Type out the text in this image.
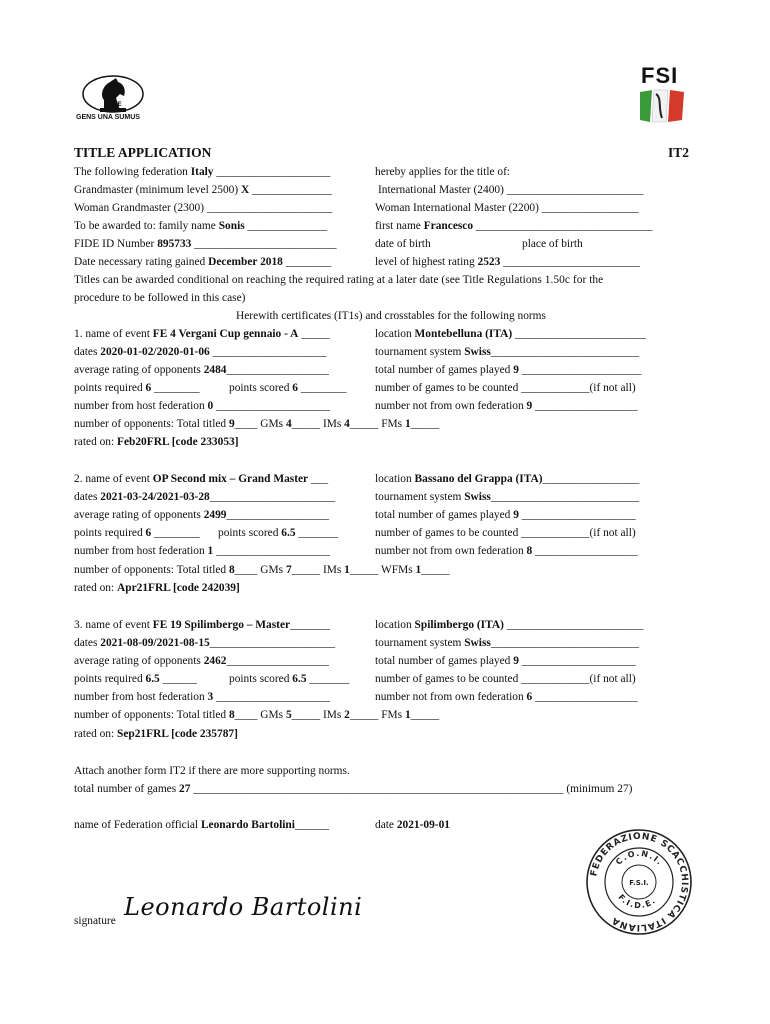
FIDE
GENS UNA SUMUS
FSI
TITLE APPLICATION	IT2
The following federation Italy ____________________	hereby applies for the title of:
Grandmaster (minimum level 2500) X ______________	International Master (2400) ________________________
Woman Grandmaster (2300) ______________________	Woman International Master (2200) _________________
To be awarded to: family name Sonis ______________	first name Francesco _______________________________
FIDE ID Number 895733 _________________________	date of birth	place of birth
Date necessary rating gained December 2018 ________	level of highest rating 2523 ________________________
Titles can be awarded conditional on reaching the required rating at a later date (see Title Regulations 1.50c for the
procedure to be followed in this case)
Herewith certificates (IT1s) and crosstables for the following norms
1. name of event FE 4 Vergani Cup gennaio - A _____	location Montebelluna (ITA) _______________________
dates 2020-01-02/2020-01-06 ____________________	tournament system Swiss__________________________
average rating of opponents 2484__________________	total number of games played 9 _____________________
points required 6 ________	points scored 6 ________	number of games to be counted ____________(if not all)
number from host federation 0 ____________________	number not from own federation 9 __________________
number of opponents: Total titled 9____ GMs 4_____ IMs 4_____ FMs 1_____
rated on: Feb20FRL [code 233053]
2. name of event OP Second mix – Grand Master ___	location Bassano del Grappa (ITA)_________________
dates 2021-03-24/2021-03-28______________________	tournament system Swiss__________________________
average rating of opponents 2499__________________	total number of games played 9 ____________________
points required 6 ________ points scored 6.5 _______	number of games to be counted ____________(if not all)
number from host federation 1 ____________________	number not from own federation 8 __________________
number of opponents: Total titled 8____ GMs 7_____ IMs 1_____ WFMs 1_____
rated on: Apr21FRL [code 242039]
3. name of event FE 19 Spilimbergo – Master_______	location Spilimbergo (ITA) ________________________
dates 2021-08-09/2021-08-15______________________	tournament system Swiss__________________________
average rating of opponents 2462__________________	total number of games played 9 ____________________
points required 6.5 ______	points scored 6.5 _______ number of games to be counted ____________(if not all)
number from host federation 3 ____________________	number not from own federation 6 __________________
number of opponents: Total titled 8____ GMs 5_____ IMs 2_____ FMs 1_____
rated on: Sep21FRL [code 235787]
Attach another form IT2 if there are more supporting norms.
total number of games 27 _________________________________________________________________ (minimum 27)
name of Federation official Leonardo Bartolini______	date 2021-09-01
signature Leonardo Bartolini
FEDERAZIONE SCACCHISTICA ITALIANA
C.O.N.I.
F.I.D.E.
F.S.I.
